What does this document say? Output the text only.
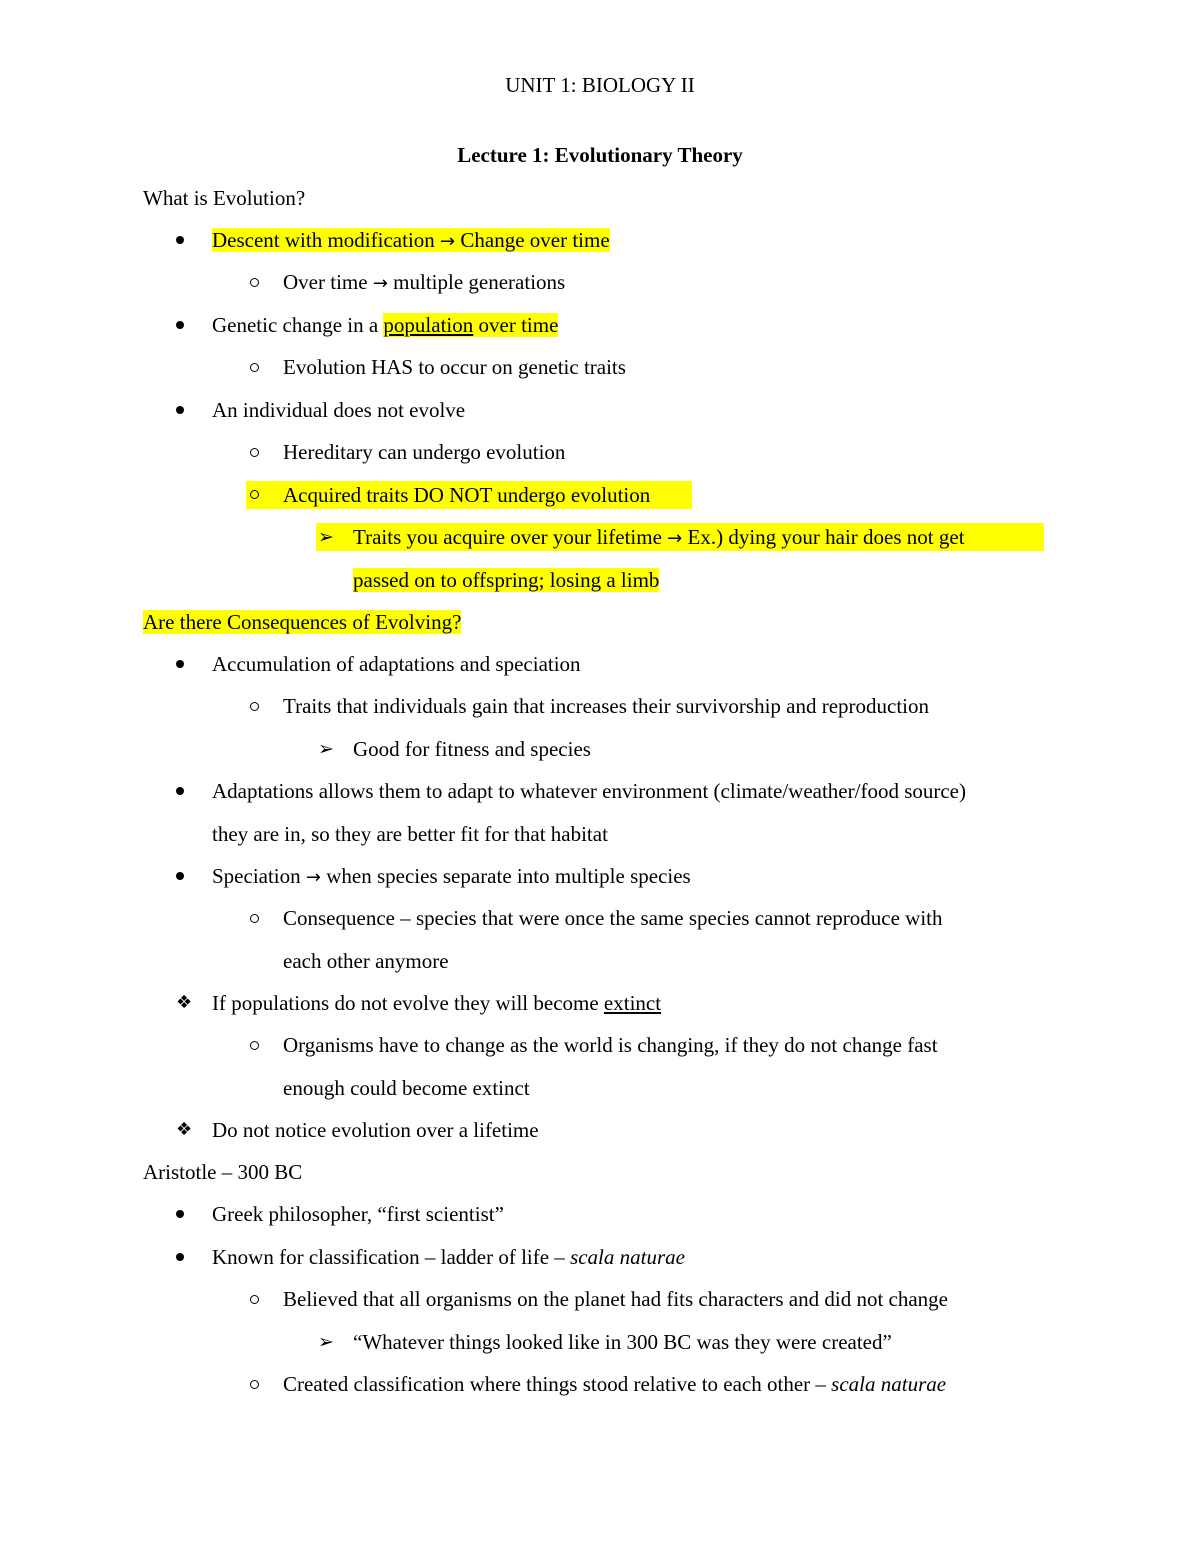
UNIT 1: BIOLOGY II
Lecture 1: Evolutionary Theory
What is Evolution?
Descent with modification → Change over time
Over time → multiple generations
Genetic change in a population over time
Evolution HAS to occur on genetic traits
An individual does not evolve
Hereditary can undergo evolution
Acquired traits DO NOT undergo evolution
➢ Traits you acquire over your lifetime → Ex.) dying your hair does not get
passed on to offspring; losing a limb
Are there Consequences of Evolving?
Accumulation of adaptations and speciation
Traits that individuals gain that increases their survivorship and reproduction
➢ Good for fitness and species
Adaptations allows them to adapt to whatever environment (climate/weather/food source)
they are in, so they are better fit for that habitat
Speciation → when species separate into multiple species
Consequence – species that were once the same species cannot reproduce with
each other anymore
❖ If populations do not evolve they will become extinct
Organisms have to change as the world is changing, if they do not change fast
enough could become extinct
❖ Do not notice evolution over a lifetime
Aristotle – 300 BC
Greek philosopher, “first scientist”
Known for classification – ladder of life – scala naturae
Believed that all organisms on the planet had fits characters and did not change
➢ “Whatever things looked like in 300 BC was they were created”
Created classification where things stood relative to each other – scala naturae
